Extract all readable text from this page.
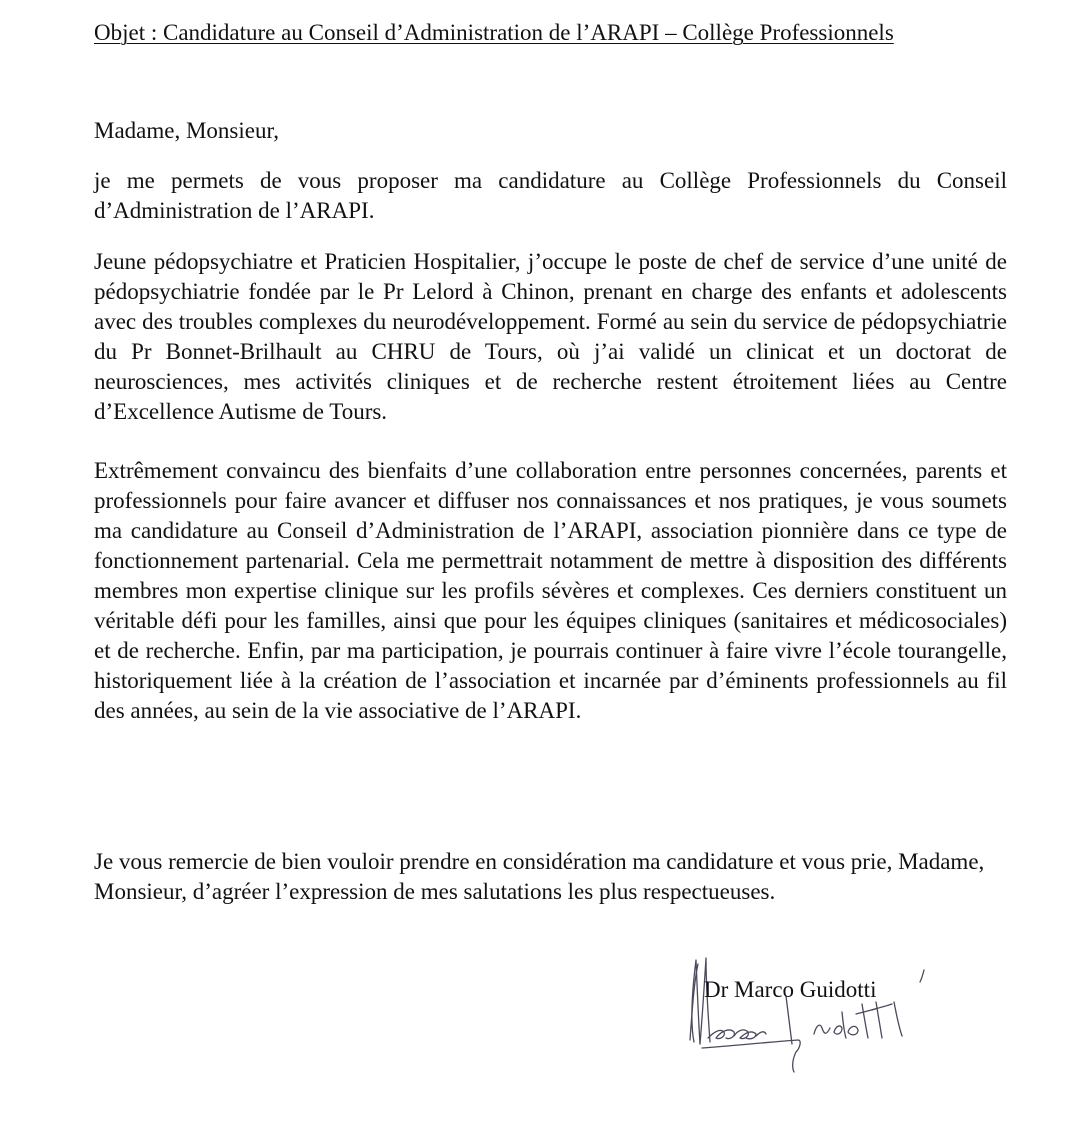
Objet : Candidature au Conseil d’Administration de l’ARAPI – Collège Professionnels

Madame, Monsieur,

je me permets de vous proposer ma candidature au Collège Professionnels du Conseil d’Administration de l’ARAPI.

Jeune pédopsychiatre et Praticien Hospitalier, j’occupe le poste de chef de service d’une unité de pédopsychiatrie fondée par le Pr Lelord à Chinon, prenant en charge des enfants et adolescents avec des troubles complexes du neurodéveloppement. Formé au sein du service de pédopsychiatrie du Pr Bonnet-Brilhault au CHRU de Tours, où j’ai validé un clinicat et un doctorat de neurosciences, mes activités cliniques et de recherche restent étroitement liées au Centre d’Excellence Autisme de Tours.

Extrêmement convaincu des bienfaits d’une collaboration entre personnes concernées, parents et professionnels pour faire avancer et diffuser nos connaissances et nos pratiques, je vous soumets ma candidature au Conseil d’Administration de l’ARAPI, association pionnière dans ce type de fonctionnement partenarial. Cela me permettrait notamment de mettre à disposition des différents membres mon expertise clinique sur les profils sévères et complexes. Ces derniers constituent un véritable défi pour les familles, ainsi que pour les équipes cliniques (sanitaires et médicosociales) et de recherche. Enfin, par ma participation, je pourrais continuer à faire vivre l’école tourangelle, historiquement liée à la création de l’association et incarnée par d’éminents professionnels au fil des années, au sein de la vie associative de l’ARAPI.

Je vous remercie de bien vouloir prendre en considération ma candidature et vous prie, Madame, Monsieur, d’agréer l’expression de mes salutations les plus respectueuses.

Dr Marco Guidotti
